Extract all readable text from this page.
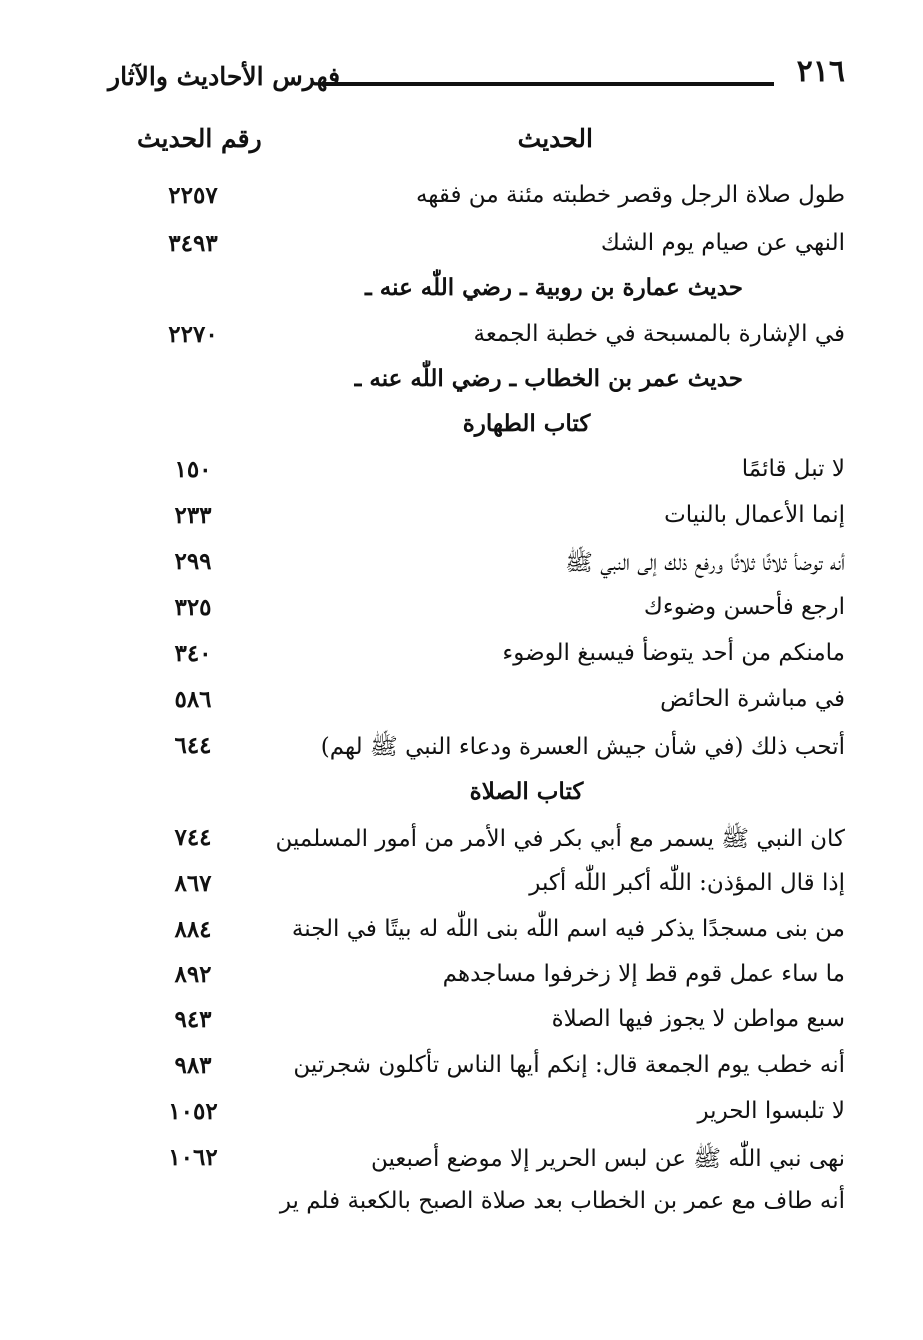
٢١٦
فهرس الأحاديث والآثار
الحديث
رقم الحديث
طول صلاة الرجل وقصر خطبته مئنة من فقهه
٢٢٥٧
النهي عن صيام يوم الشك
٣٤٩٣
حديث عمارة بن روبية ـ رضي اللّٰه عنه ـ
في الإشارة بالمسبحة في خطبة الجمعة
٢٢٧٠
حديث عمر بن الخطاب ـ رضي اللّٰه عنه ـ
كتاب الطهارة
لا تبل قائمًا
١٥٠
إنما الأعمال بالنيات
٢٣٣
أنه توضأ ثلاثًا ثلاثًا ورفع ذلك إلى النبي ﷺ
٢٩٩
ارجع فأحسن وضوءك
٣٢٥
مامنكم من أحد يتوضأ فيسبغ الوضوء
٣٤٠
في مباشرة الحائض
٥٨٦
أتحب ذلك (في شأن جيش العسرة ودعاء النبي ﷺ لهم)
٦٤٤
كتاب الصلاة
كان النبي ﷺ يسمر مع أبي بكر في الأمر من أمور المسلمين
٧٤٤
إذا قال المؤذن: اللّٰه أكبر اللّٰه أكبر
٨٦٧
من بنى مسجدًا يذكر فيه اسم اللّٰه بنى اللّٰه له بيتًا في الجنة
٨٨٤
ما ساء عمل قوم قط إلا زخرفوا مساجدهم
٨٩٢
سبع مواطن لا يجوز فيها الصلاة
٩٤٣
أنه خطب يوم الجمعة قال: إنكم أيها الناس تأكلون شجرتين
٩٨٣
لا تلبسوا الحرير
١٠٥٢
نهى نبي اللّٰه ﷺ عن لبس الحرير إلا موضع أصبعين
١٠٦٢
أنه طاف مع عمر بن الخطاب بعد صلاة الصبح بالكعبة فلم ير
